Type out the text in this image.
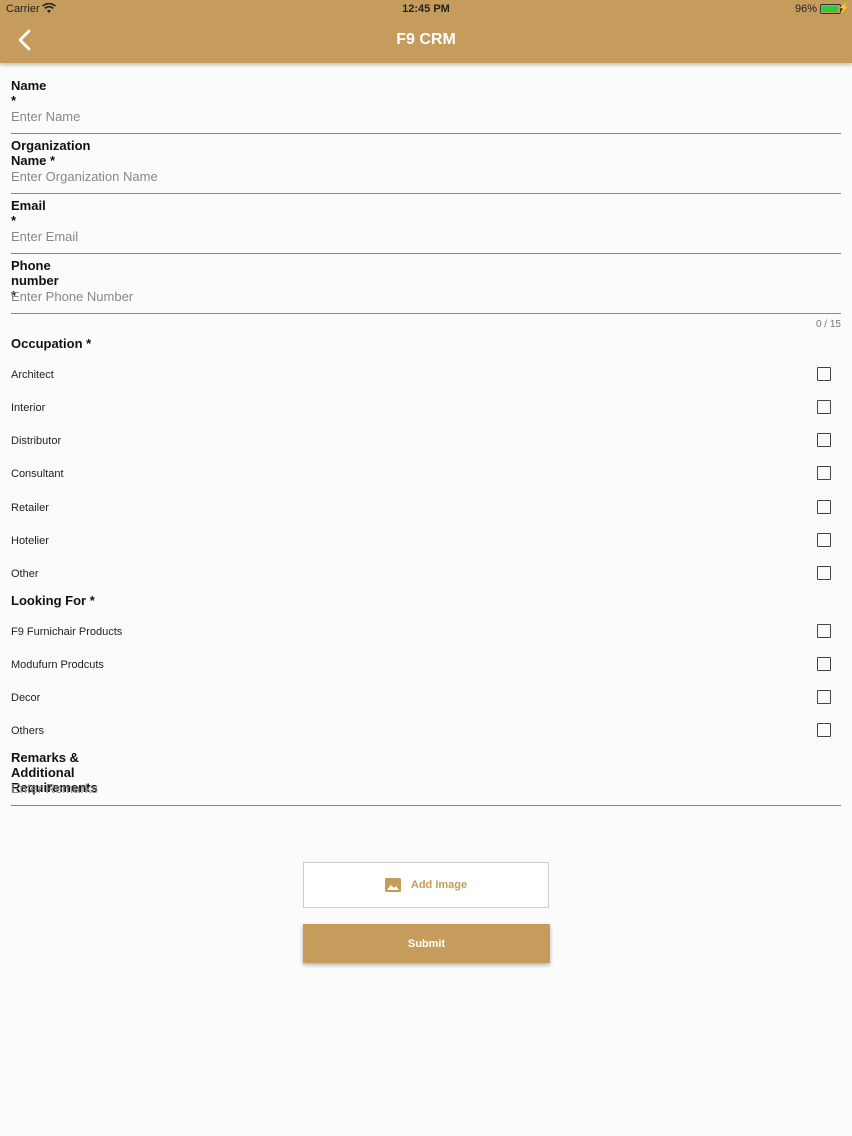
Carrier	12:45 PM	96% ⚡
F9 CRM
Name *
Enter Name
Organization Name *
Enter Organization Name
Email *
Enter Email
Phone number *
Enter Phone Number
0 / 15
Occupation *
Architect
Interior
Distributor
Consultant
Retailer
Hotelier
Other
Looking For *
F9 Furnichair Products
Modufurn Prodcuts
Decor
Others
Remarks & Additional Requirements
Enter Remarks
Add Image
Submit
